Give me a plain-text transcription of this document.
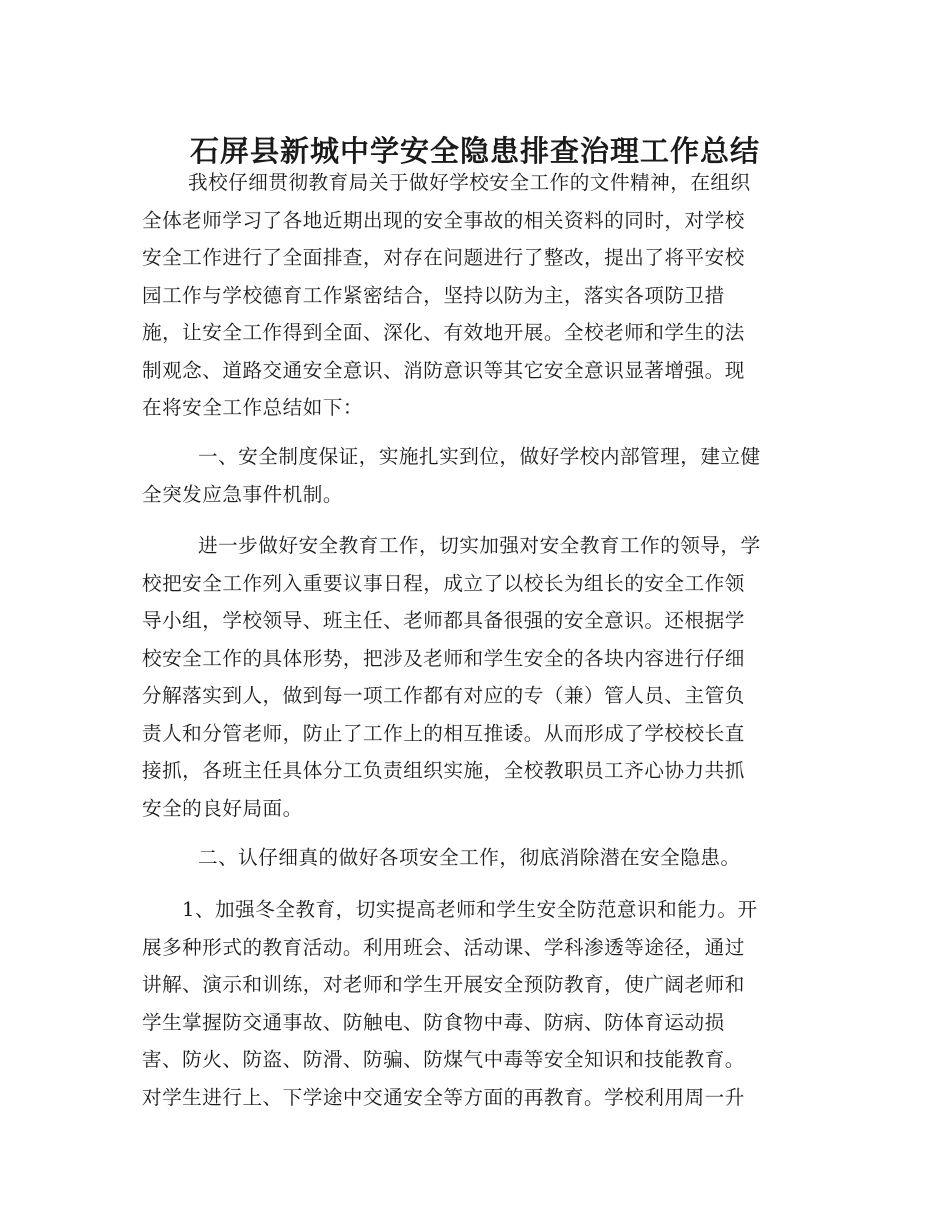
石屏县新城中学安全隐患排查治理工作总结

我校仔细贯彻教育局关于做好学校安全工作的文件精神，在组织
全体老师学习了各地近期出现的安全事故的相关资料的同时，对学校
安全工作进行了全面排查，对存在问题进行了整改，提出了将平安校
园工作与学校德育工作紧密结合，坚持以防为主，落实各项防卫措
施，让安全工作得到全面、深化、有效地开展。全校老师和学生的法
制观念、道路交通安全意识、消防意识等其它安全意识显著增强。现
在将安全工作总结如下：

一、安全制度保证，实施扎实到位，做好学校内部管理，建立健
全突发应急事件机制。

进一步做好安全教育工作，切实加强对安全教育工作的领导，学
校把安全工作列入重要议事日程，成立了以校长为组长的安全工作领
导小组，学校领导、班主任、老师都具备很强的安全意识。还根据学
校安全工作的具体形势，把涉及老师和学生安全的各块内容进行仔细
分解落实到人，做到每一项工作都有对应的专（兼）管人员、主管负
责人和分管老师，防止了工作上的相互推诿。从而形成了学校校长直
接抓，各班主任具体分工负责组织实施，全校教职员工齐心协力共抓
安全的良好局面。

二、认仔细真的做好各项安全工作，彻底消除潜在安全隐患。

1、加强冬全教育，切实提高老师和学生安全防范意识和能力。开
展多种形式的教育活动。利用班会、活动课、学科渗透等途径，通过
讲解、演示和训练，对老师和学生开展安全预防教育，使广阔老师和
学生掌握防交通事故、防触电、防食物中毒、防病、防体育运动损
害、防火、防盗、防滑、防骗、防煤气中毒等安全知识和技能教育。
对学生进行上、下学途中交通安全等方面的再教育。学校利用周一升
